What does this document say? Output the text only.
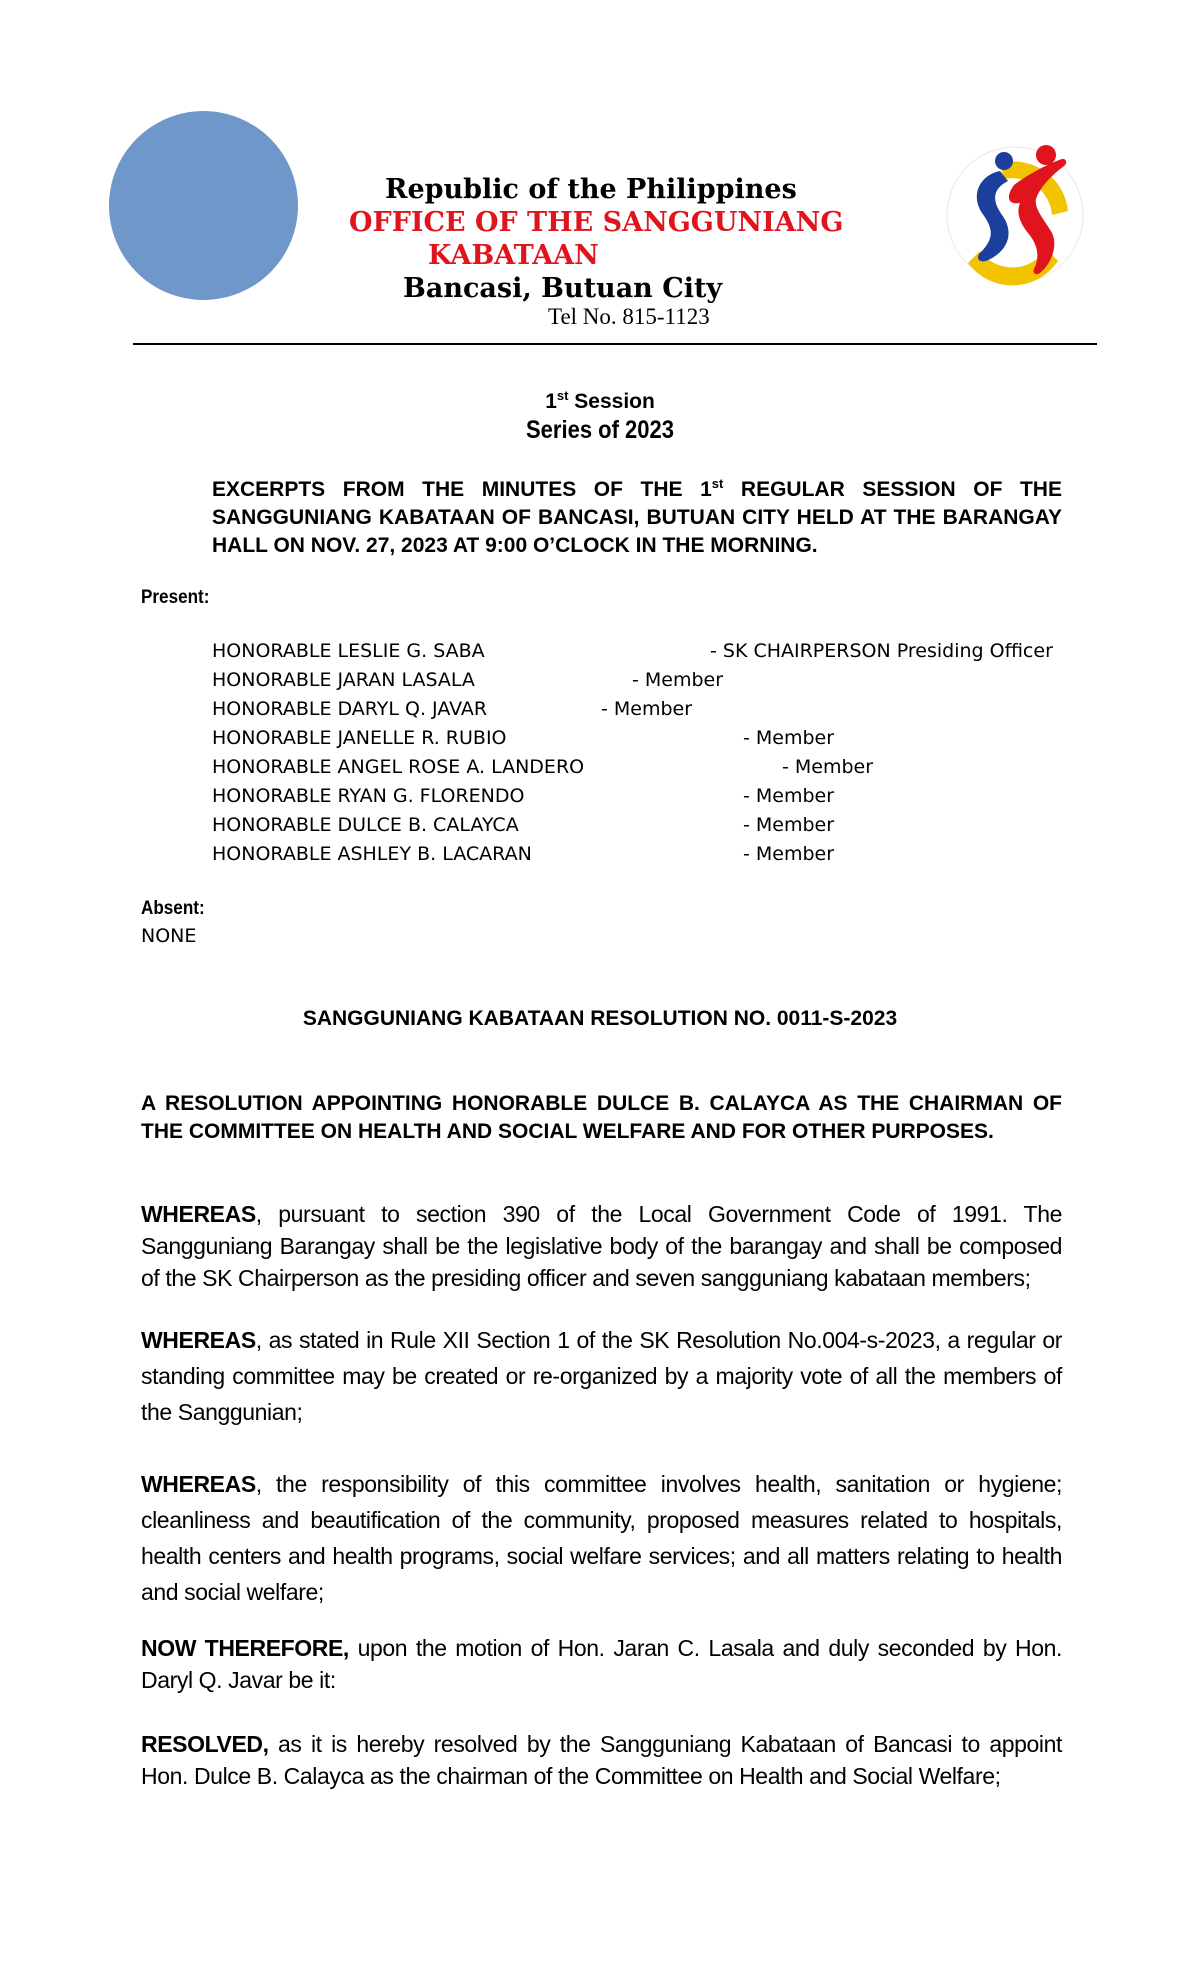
Republic of the Philippines
OFFICE OF THE SANGGUNIANG
KABATAAN
Bancasi, Butuan City
Tel No. 815-1123
1st Session
Series of 2023
EXCERPTS FROM THE MINUTES OF THE 1st REGULAR SESSION OF THE SANGGUNIANG KABATAAN OF BANCASI, BUTUAN CITY HELD AT THE BARANGAY HALL ON NOV. 27, 2023 AT 9:00 O’CLOCK IN THE MORNING.
Present:
HONORABLE LESLIE G. SABA	- SK CHAIRPERSON Presiding Officer
HONORABLE JARAN LASALA	- Member
HONORABLE DARYL Q. JAVAR	- Member
HONORABLE JANELLE R. RUBIO	- Member
HONORABLE ANGEL ROSE A. LANDERO	- Member
HONORABLE RYAN G. FLORENDO	- Member
HONORABLE DULCE B. CALAYCA	- Member
HONORABLE ASHLEY B. LACARAN	- Member
Absent:
NONE
SANGGUNIANG KABATAAN RESOLUTION NO. 0011-S-2023
A RESOLUTION APPOINTING HONORABLE DULCE B. CALAYCA AS THE CHAIRMAN OF THE COMMITTEE ON HEALTH AND SOCIAL WELFARE AND FOR OTHER PURPOSES.
WHEREAS, pursuant to section 390 of the Local Government Code of 1991. The Sangguniang Barangay shall be the legislative body of the barangay and shall be composed of the SK Chairperson as the presiding officer and seven sangguniang kabataan members;
WHEREAS, as stated in Rule XII Section 1 of the SK Resolution No.004-s-2023, a regular or standing committee may be created or re-organized by a majority vote of all the members of the Sanggunian;
WHEREAS, the responsibility of this committee involves health, sanitation or hygiene; cleanliness and beautification of the community, proposed measures related to hospitals, health centers and health programs, social welfare services; and all matters relating to health and social welfare;
NOW THEREFORE, upon the motion of Hon. Jaran C. Lasala and duly seconded by Hon. Daryl Q. Javar be it:
RESOLVED, as it is hereby resolved by the Sangguniang Kabataan of Bancasi to appoint Hon. Dulce B. Calayca as the chairman of the Committee on Health and Social Welfare;
